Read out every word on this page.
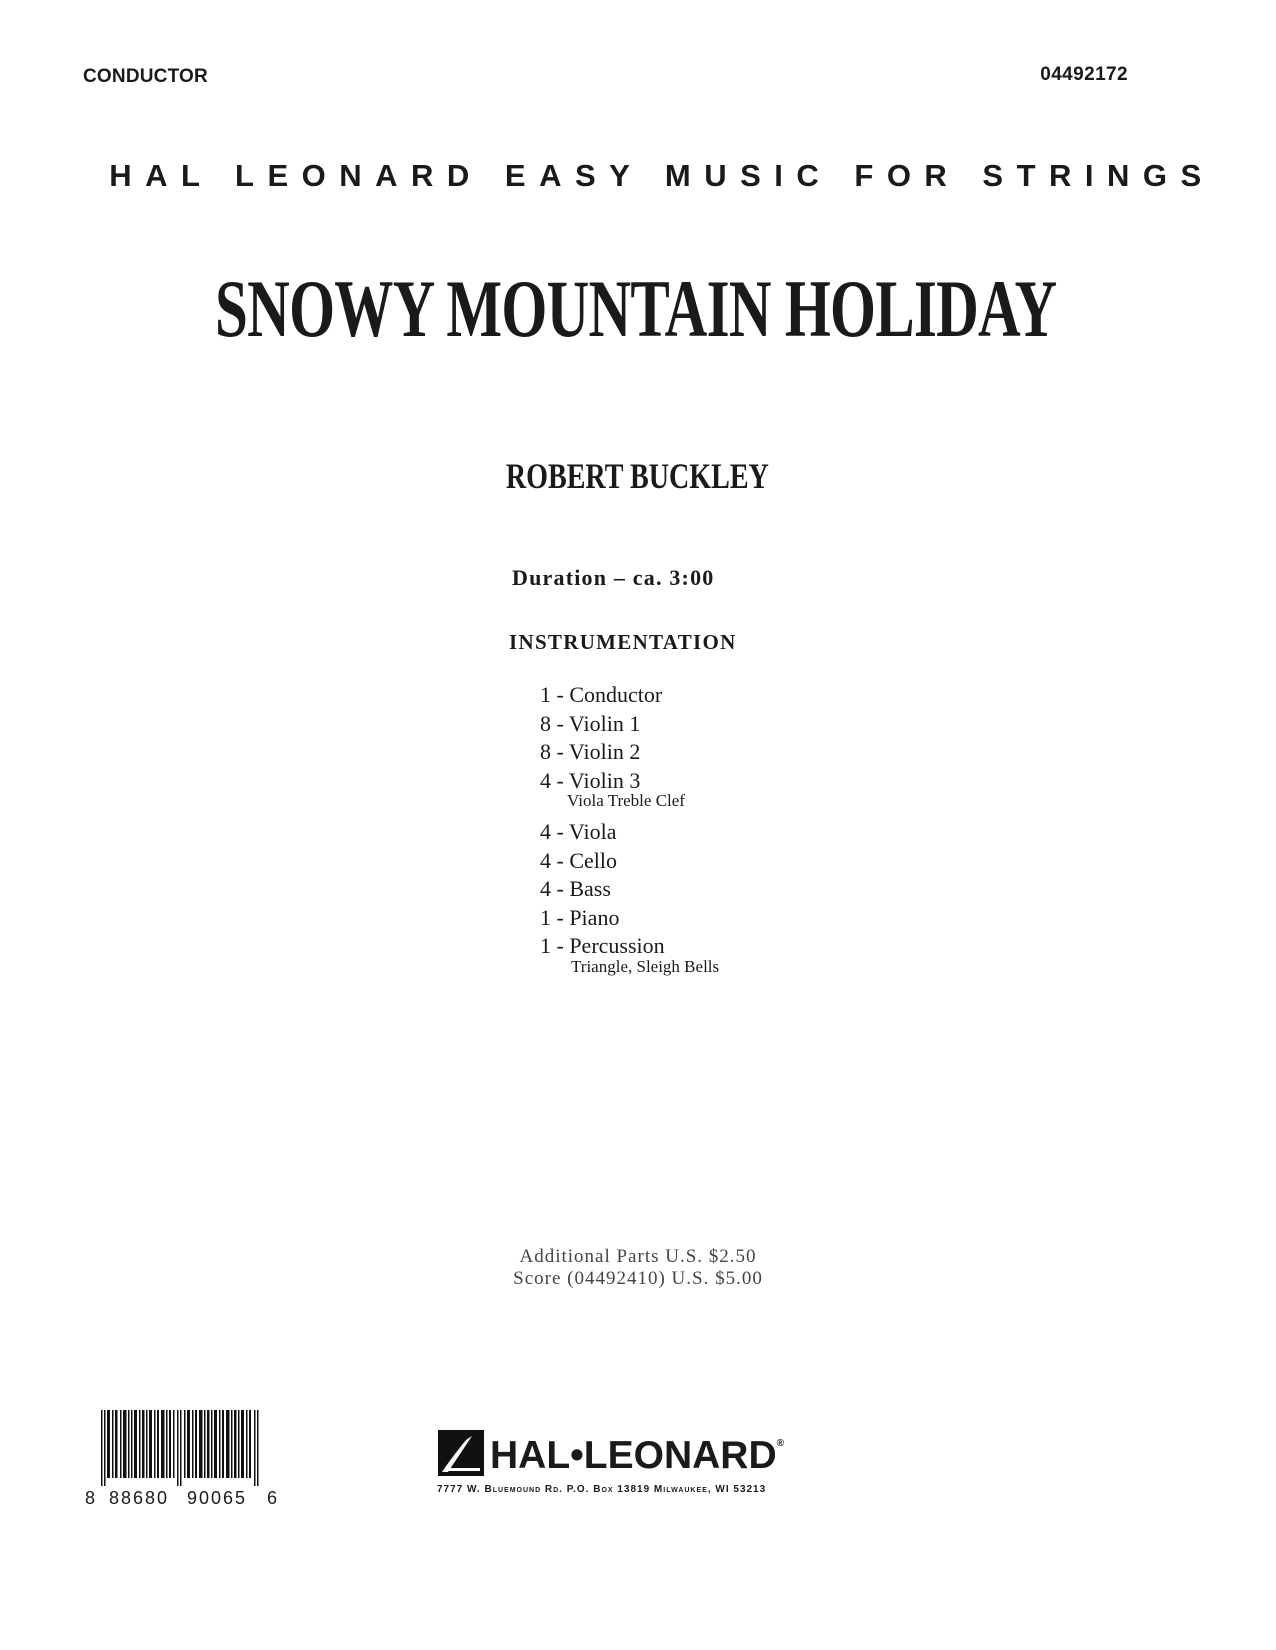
CONDUCTOR	04492172
HAL LEONARD EASY MUSIC FOR STRINGS
SNOWY MOUNTAIN HOLIDAY
ROBERT BUCKLEY
Duration – ca. 3:00
INSTRUMENTATION
1 - Conductor
8 - Violin 1
8 - Violin 2
4 - Violin 3
Viola Treble Clef
4 - Viola
4 - Cello
4 - Bass
1 - Piano
1 - Percussion
Triangle, Sleigh Bells
Additional Parts U.S. $2.50
Score (04492410) U.S. $5.00
8 88680 90065 6
HAL•LEONARD®
7777 W. Bluemound Rd. P.O. Box 13819 Milwaukee, WI 53213
